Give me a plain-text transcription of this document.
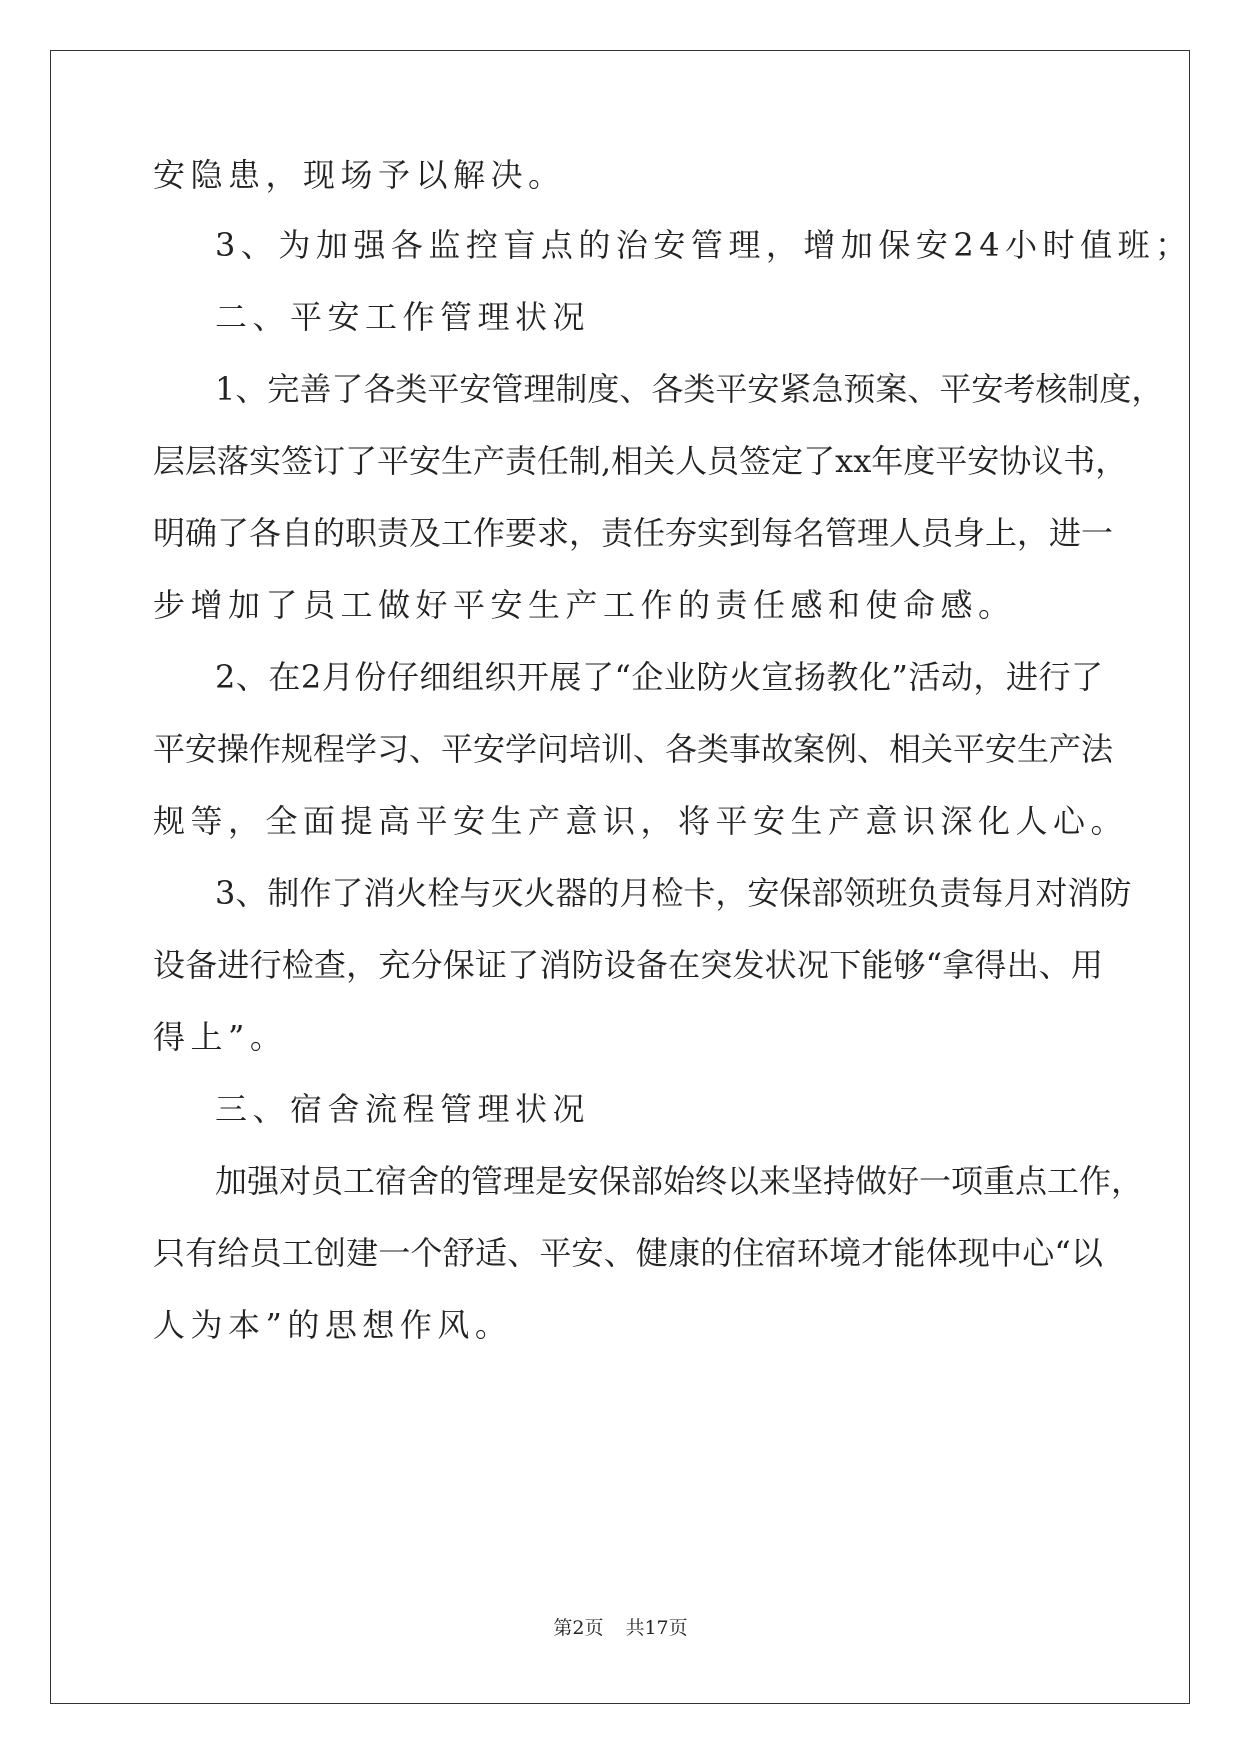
安隐患，现场予以解决。
3、为加强各监控盲点的治安管理，增加保安24小时值班；
二、平安工作管理状况
1、完善了各类平安管理制度、各类平安紧急预案、平安考核制度，
层层落实签订了平安生产责任制,相关人员签定了xx年度平安协议书，
明确了各自的职责及工作要求，责任夯实到每名管理人员身上，进一
步增加了员工做好平安生产工作的责任感和使命感。
2、在2月份仔细组织开展了“企业防火宣扬教化”活动，进行了
平安操作规程学习、平安学问培训、各类事故案例、相关平安生产法
规等，全面提高平安生产意识，将平安生产意识深化人心。
3、制作了消火栓与灭火器的月检卡，安保部领班负责每月对消防
设备进行检查，充分保证了消防设备在突发状况下能够“拿得出、用
得上”。
三、宿舍流程管理状况
加强对员工宿舍的管理是安保部始终以来坚持做好一项重点工作，
只有给员工创建一个舒适、平安、健康的住宿环境才能体现中心“以
人为本”的思想作风。
第2页 共17页
